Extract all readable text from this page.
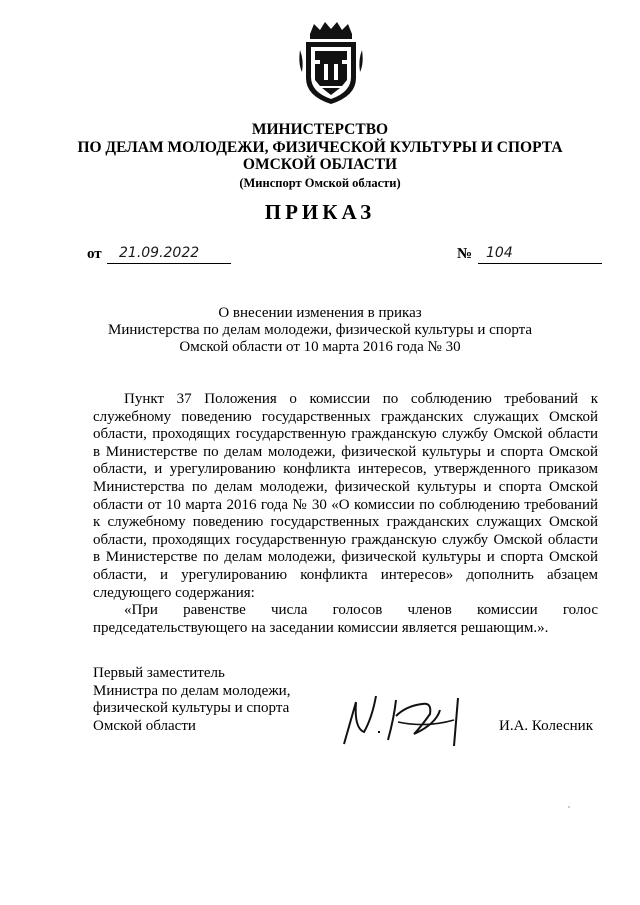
МИНИСТЕРСТВО
ПО ДЕЛАМ МОЛОДЕЖИ, ФИЗИЧЕСКОЙ КУЛЬТУРЫ И СПОРТА
ОМСКОЙ ОБЛАСТИ
(Минспорт Омской области)
ПРИКАЗ
от 21.09.2022	№ 104
О внесении изменения в приказ
Министерства по делам молодежи, физической культуры и спорта
Омской области от 10 марта 2016 года № 30

Пункт 37 Положения о комиссии по соблюдению требований к служебному поведению государственных гражданских служащих Омской области, проходящих государственную гражданскую службу Омской области в Министерстве по делам молодежи, физической культуры и спорта Омской области, и урегулированию конфликта интересов, утвержденного приказом Министерства по делам молодежи, физической культуры и спорта Омской области от 10 марта 2016 года № 30 «О комиссии по соблюдению требований к служебному поведению государственных гражданских служащих Омской области, проходящих государственную гражданскую службу Омской области в Министерстве по делам молодежи, физической культуры и спорта Омской области, и урегулированию конфликта интересов» дополнить абзацем следующего содержания:

«При равенстве числа голосов членов комиссии голос председательствующего на заседании комиссии является решающим.».

Первый заместитель
Министра по делам молодежи,
физической культуры и спорта
Омской области	И.А. Колесник
